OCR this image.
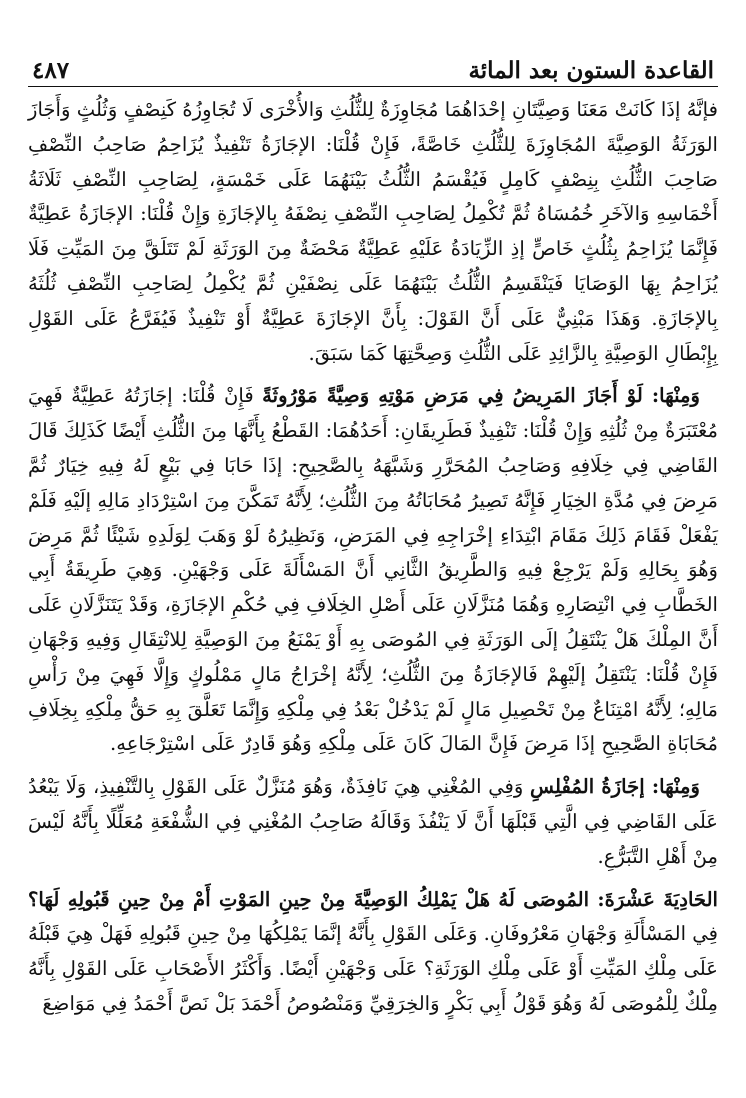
القاعدة الستون بعد المائة
٤٨٧

فإنَّهُ إذَا كَانَتْ مَعَنَا وَصِيَّتَانِ إحْدَاهُمَا مُجَاوِزَةٌ لِلثُّلُثِ وَالأُخْرَى لَا تُجَاوِزُهُ كَنِصْفٍ وَثُلُثٍ وَأَجَازَ الوَرَثَةُ الوَصِيَّةَ المُجَاوِزَةَ لِلثُّلُثِ خَاصَّةً، فَإِنْ قُلْنَا: الإجَازَةُ تَنْفِيذٌ يُزَاحِمُ صَاحِبُ النِّصْفِ صَاحِبَ الثُّلُثِ بِنِصْفٍ كَامِلٍ فَيُقْسَمُ الثُّلُثُ بَيْنَهُمَا عَلَى خَمْسَةٍ، لِصَاحِبِ النِّصْفِ ثَلَاثَةُ أَخْمَاسِهِ وَالآخَرِ خُمُسَاهُ ثُمَّ تُكْمِلُ لِصَاحِبِ النِّصْفِ نِصْفَهُ بِالإجَازَةِ وَإِنْ قُلْنَا: الإجَازَةُ عَطِيَّةٌ فَإِنَّمَا يُزَاحِمُ بِثُلُثٍ خَاصٍّ إذِ الزِّيَادَةُ عَلَيْهِ عَطِيَّةٌ مَحْضَةٌ مِنَ الوَرَثَةِ لَمْ تَتَلَقَّ مِنَ المَيِّتِ فَلَا يُزَاحِمُ بِهَا الوَصَايَا فَيَنْقَسِمُ الثُّلُثُ بَيْنَهُمَا عَلَى نِصْفَيْنِ ثُمَّ يُكْمِلُ لِصَاحِبِ النِّصْفِ ثُلُثَهُ بِالإجَازَةِ. وَهَذَا مَبْنِيٌّ عَلَى أَنَّ القَوْلَ: بِأَنَّ الإجَازَةَ عَطِيَّةٌ أَوْ تَنْفِيذٌ فَيُفَرَّعُ عَلَى القَوْلِ بِإِبْطَالِ الوَصِيَّةِ بِالزَّائِدِ عَلَى الثُّلُثِ وَصِحَّتِهَا كَمَا سَبَقَ.

وَمِنْهَا: لَوْ أَجَازَ المَرِيضُ فِي مَرَضِ مَوْتِهِ وَصِيَّةً مَوْرُوثَةً فَإِنْ قُلْنَا: إجَازَتُهُ عَطِيَّةٌ فَهِيَ مُعْتَبَرَةٌ مِنْ ثُلُثِهِ وَإِنْ قُلْنَا: تَنْفِيذٌ فَطَرِيقَانِ: أَحَدُهُمَا: القَطْعُ بِأَنَّهَا مِنَ الثُّلُثِ أَيْضًا كَذَلِكَ قَالَ القَاضِي فِي خِلَافِهِ وَصَاحِبُ المُحَرَّرِ وَشَبَّهَهُ بِالصَّحِيحِ: إذَا حَابَا فِي بَيْعٍ لَهُ فِيهِ خِيَارٌ ثُمَّ مَرِضَ فِي مُدَّةِ الخِيَارِ فَإِنَّهُ تَصِيرُ مُحَابَاتُهُ مِنَ الثُّلُثِ؛ لِأَنَّهُ تَمَكَّنَ مِنَ اسْتِرْدَادِ مَالِهِ إلَيْهِ فَلَمْ يَفْعَلْ فَقَامَ ذَلِكَ مَقَامَ ابْتِدَاءِ إخْرَاجِهِ فِي المَرَضِ، وَنَظِيرُهُ لَوْ وَهَبَ لِوَلَدِهِ شَيْئًا ثُمَّ مَرِضَ وَهُوَ بِحَالِهِ وَلَمْ يَرْجِعْ فِيهِ وَالطَّرِيقُ الثَّانِي أَنَّ المَسْأَلَةَ عَلَى وَجْهَيْنِ. وَهِيَ طَرِيقَةُ أَبِي الخَطَّابِ فِي انْتِصَارِهِ وَهُمَا مُنَزَّلَانِ عَلَى أَصْلِ الخِلَافِ فِي حُكْمِ الإجَازَةِ، وَقَدْ يَتَنَزَّلَانِ عَلَى أَنَّ المِلْكَ هَلْ يَنْتَقِلُ إلَى الوَرَثَةِ فِي المُوصَى بِهِ أَوْ يَمْنَعُ مِنَ الوَصِيَّةِ لِلانْتِقَالِ وَفِيهِ وَجْهَانِ فَإِنْ قُلْنَا: يَنْتَقِلُ إلَيْهِمْ فَالإجَازَةُ مِنَ الثُّلُثِ؛ لِأَنَّهُ إخْرَاجُ مَالٍ مَمْلُوكٍ وَإِلَّا فَهِيَ مِنْ رَأْسِ مَالِهِ؛ لِأَنَّهُ امْتِنَاعٌ مِنْ تَحْصِيلِ مَالٍ لَمْ يَدْخُلْ بَعْدُ فِي مِلْكِهِ وَإِنَّمَا تَعَلَّقَ بِهِ حَقُّ مِلْكِهِ بِخِلَافِ مُحَابَاةِ الصَّحِيحِ إذَا مَرِضَ فَإِنَّ المَالَ كَانَ عَلَى مِلْكِهِ وَهُوَ قَادِرٌ عَلَى اسْتِرْجَاعِهِ.

وَمِنْهَا: إجَازَةُ المُفْلِسِ وَفِي المُغْنِي هِيَ نَافِذَةٌ، وَهُوَ مُنَزَّلٌ عَلَى القَوْلِ بِالتَّنْفِيذِ، وَلَا يَبْعُدُ عَلَى القَاضِي فِي الَّتِي قَبْلَهَا أَنَّ لَا يَنْفُذَ وَقَالَهُ صَاحِبُ المُغْنِي فِي الشُّفْعَةِ مُعَلِّلًا بِأَنَّهُ لَيْسَ مِنْ أَهْلِ التَّبَرُّعِ.

الحَادِيَةَ عَشْرَةَ: المُوصَى لَهُ هَلْ يَمْلِكُ الوَصِيَّةَ مِنْ حِينِ المَوْتِ أَمْ مِنْ حِينِ قَبُولِهِ لَهَا؟ فِي المَسْأَلَةِ وَجْهَانِ مَعْرُوفَانِ. وَعَلَى القَوْلِ بِأَنَّهُ إنَّمَا يَمْلِكُهَا مِنْ حِينِ قَبُولِهِ فَهَلْ هِيَ قَبْلَهُ عَلَى مِلْكِ المَيِّتِ أَوْ عَلَى مِلْكِ الوَرَثَةِ؟ عَلَى وَجْهَيْنِ أَيْضًا. وَأَكْثَرُ الأَصْحَابِ عَلَى القَوْلِ بِأَنَّهُ مِلْكٌ لِلْمُوصَى لَهُ وَهُوَ قَوْلُ أَبِي بَكْرٍ وَالخِرَقِيِّ وَمَنْصُوصُ أَحْمَدَ بَلْ نَصَّ أَحْمَدُ فِي مَوَاضِعَ
